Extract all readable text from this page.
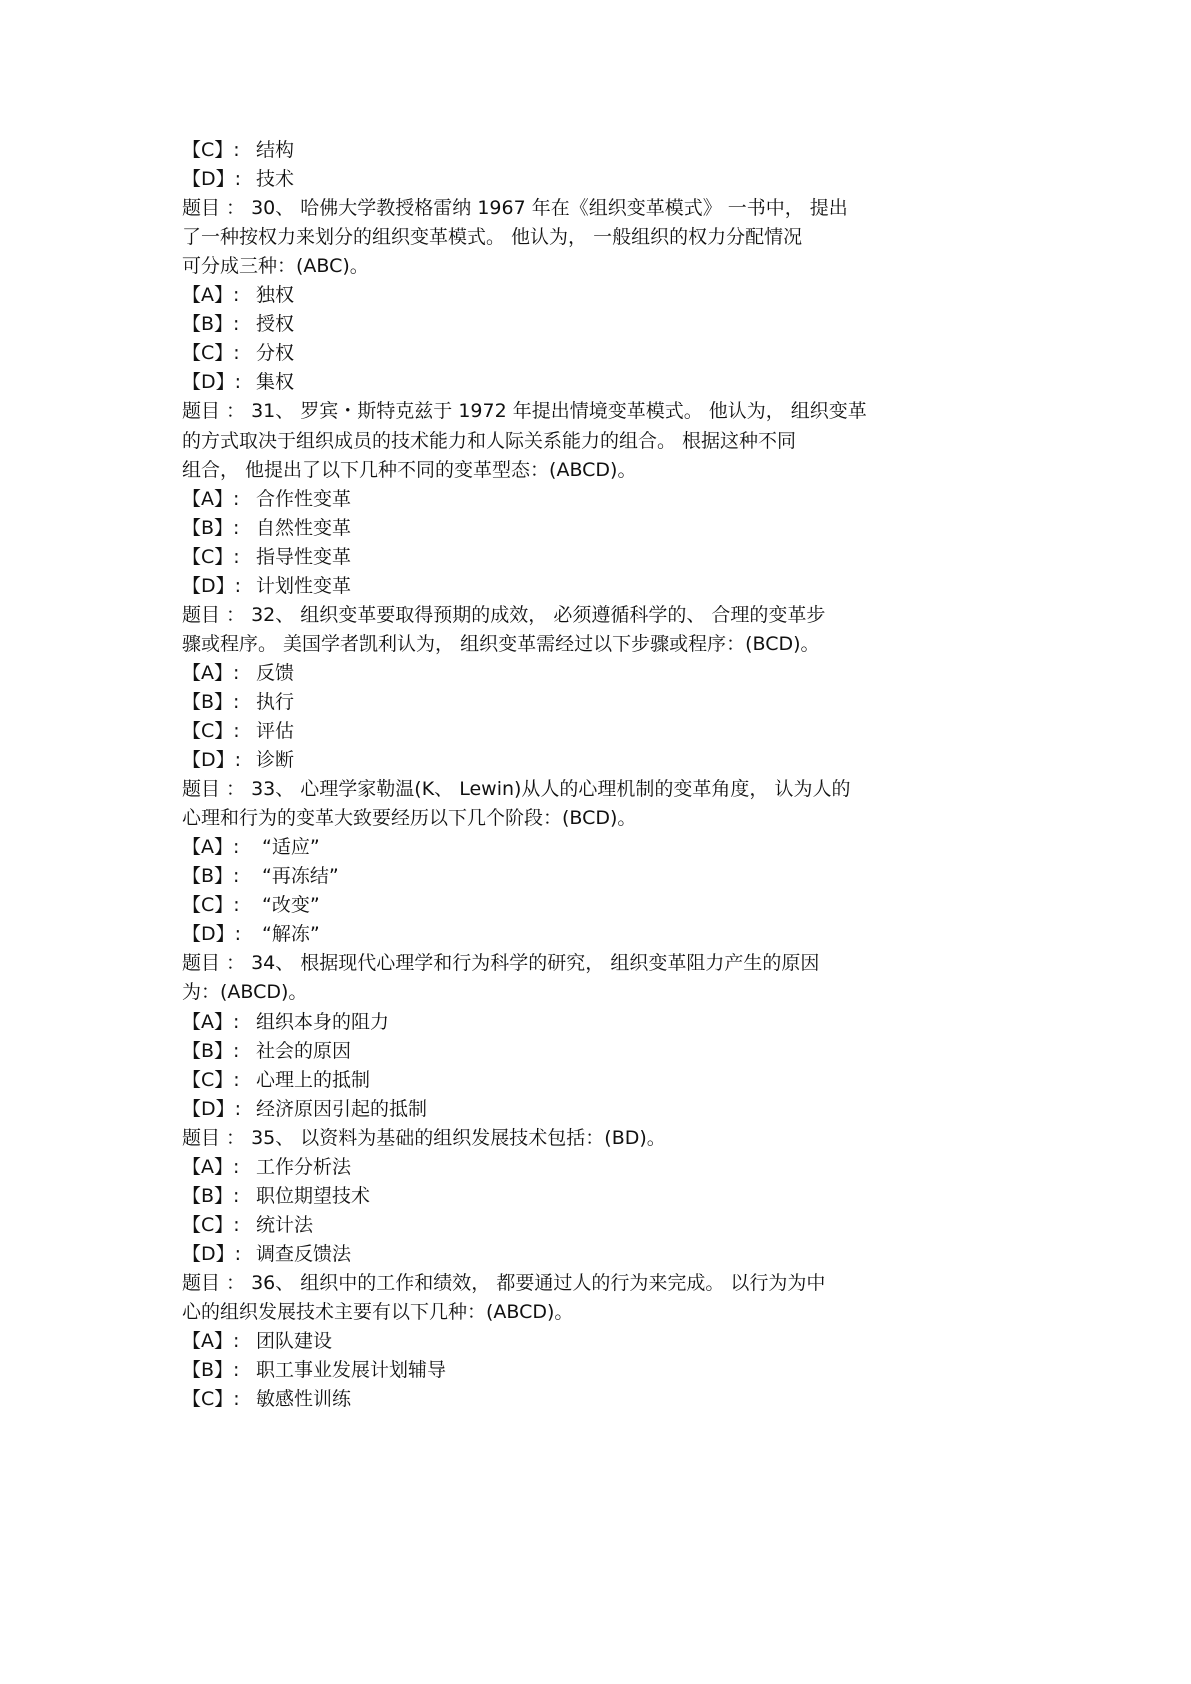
【C】: 结构
【D】: 技术
题目 ： 30、 哈佛大学教授格雷纳 1967 年在《组织变革模式》 一书中， 提出
了一种按权力来划分的组织变革模式。 他认为， 一般组织的权力分配情况
可分成三种：(ABC)。
【A】: 独权
【B】: 授权
【C】: 分权
【D】: 集权
题目 ： 31、 罗宾・斯特克兹于 1972 年提出情境变革模式。 他认为， 组织变革
的方式取决于组织成员的技术能力和人际关系能力的组合。 根据这种不同
组合， 他提出了以下几种不同的变革型态：(ABCD)。
【A】: 合作性变革
【B】: 自然性变革
【C】: 指导性变革
【D】: 计划性变革
题目 ： 32、 组织变革要取得预期的成效， 必须遵循科学的、 合理的变革步
骤或程序。 美国学者凯利认为， 组织变革需经过以下步骤或程序：(BCD)。
【A】: 反馈
【B】: 执行
【C】: 评估
【D】: 诊断
题目 ： 33、 心理学家勒温(K、 Lewin)从人的心理机制的变革角度， 认为人的
心理和行为的变革大致要经历以下几个阶段：(BCD)。
【A】: “适应”
【B】: “再冻结”
【C】: “改变”
【D】: “解冻”
题目 ： 34、 根据现代心理学和行为科学的研究， 组织变革阻力产生的原因
为：(ABCD)。
【A】: 组织本身的阻力
【B】: 社会的原因
【C】: 心理上的抵制
【D】: 经济原因引起的抵制
题目 ： 35、 以资料为基础的组织发展技术包括：(BD)。
【A】: 工作分析法
【B】: 职位期望技术
【C】: 统计法
【D】: 调查反馈法
题目 ： 36、 组织中的工作和绩效， 都要通过人的行为来完成。 以行为为中
心的组织发展技术主要有以下几种：(ABCD)。
【A】: 团队建设
【B】: 职工事业发展计划辅导
【C】: 敏感性训练
